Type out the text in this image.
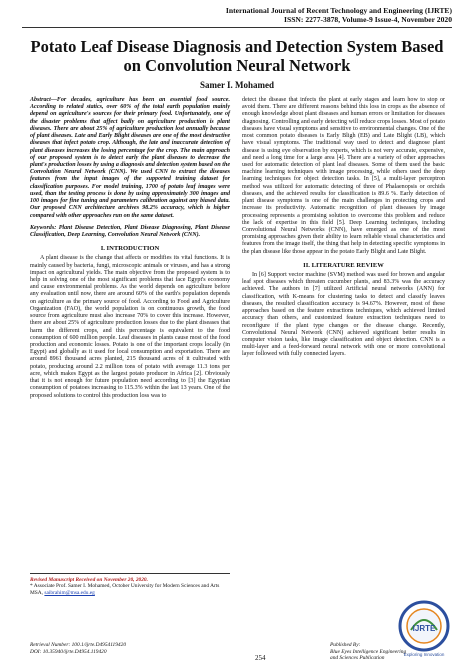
International Journal of Recent Technology and Engineering (IJRTE)
ISSN: 2277-3878, Volume-9 Issue-4, November 2020
Potato Leaf Disease Diagnosis and Detection System Based on Convolution Neural Network
Samer I. Mohamed
Abstract—For decades, agriculture has been an essential food source. According to related statics, over 60% of the total earth population mainly depend on agriculture's sources for their primary food. Unfortunately, one of the disaster problems that affect badly on agriculture production is plant diseases. There are about 25% of agriculture production lost annually because of plant diseases. Late and Early Blight diseases are one of the most destructive diseases that infect potato crop. Although, the late and inaccurate detection of plant diseases increases the losing percentage for the crop. The main approach of our proposed system is to detect early the plant diseases to decrease the plant's production losses by using a diagnosis and detection system based on the Convolution Neural Network (CNN). We used CNN to extract the diseases features from the input images of the supported training dataset for classification purposes. For model training, 1700 of potato leaf images were used, than the testing process is done by using approximately 300 images and 100 images for fine tuning and parameters calibration against any biased data. Our proposed CNN architecture archives 98.2% accuracy, which is higher compared with other approaches run on the same dataset.
Keywords: Plant Disease Detection, Plant Disease Diagnosing, Plant Disease Classification, Deep Learning, Convolution Neural Network (CNN).
I. INTRODUCTION

A plant disease is the change that affects or modifies its vital functions. It is mainly caused by bacteria, fungi, microscopic animals or viruses, and has a strong impact on agricultural yields. The main objective from the proposed system is to help in solving one of the most significant problems that face Egypt's economy and cause environmental problems. As the world depends on agriculture before any evaluation until now, there are around 60% of the earth's population depends on agriculture as the primary source of food. According to Food and Agriculture Organization (FAO), the world population is on continuous growth, the food source from agriculture must also increase 70% to cover this increase. However, there are about 25% of agriculture production losses due to the plant diseases that harm the different crops, and this percentage is equivalent to the food consumption of 600 million people. Leaf diseases in plants cause most of the food production and economic losses. Potato is one of the important crops locally (in Egypt) and globally as it used for local consumption and exportation. There are around 8961 thousand acres planted, 215 thousand acres of it cultivated with potato, producing around 2.2 million tons of potato with average 11.3 tons per acre, which makes Egypt as the largest potato producer in Africa [2]. Obviously that it is not enough for future population need according to [3] the Egyptian consumption of potatoes increasing to 115.3% within the last 13 years. One of the proposed solutions to control this production loss was to

detect the disease that infects the plant at early stages and learn how to stop or avoid them. There are different reasons behind this loss in crops as the absence of enough knowledge about plant diseases and human errors or limitation for diseases diagnosing. Controlling and early detecting will reduce crops losses. Most of potato diseases have visual symptoms and sensitive to environmental changes. One of the most common potato diseases is Early Bligh (EB) and Late Blight (LB), which have visual symptoms. The traditional way used to detect and diagnose plant disease is using eye observation by experts, which is not very accurate, expensive, and need a long time for a large area [4]. There are a variety of other approaches used for automatic detection of plant leaf diseases. Some of them used the basic machine learning techniques with image processing, while others used the deep learning techniques for object detection tasks. In [5], a multi-layer perceptron method was utilized for automatic detecting of three of Phalaenopsis or orchids diseases, and the achieved results for classification is 89.6 %. Early detection of plant disease symptoms is one of the main challenges in protecting crops and increase its productivity. Automatic recognition of plant diseases by image processing represents a promising solution to overcome this problem and reduce the lack of expertise in this field [5]. Deep Learning techniques, including Convolutional Neural Networks (CNN), have emerged as one of the most promising approaches given their ability to learn reliable visual characteristics and features from the image itself, the thing that help in detecting specific symptoms in the plan disease like those appear in the potato Early Blight and Late Blight.
II. LITERATURE REVIEW

In [6] Support vector machine (SVM) method was used for brown and angular leaf spot diseases which threaten cucumber plants, and 83.3% was the accuracy achieved. The authors in [7] utilized Artificial neural networks (ANN) for classification, with K-means for clustering tasks to detect and classify leaves diseases, the resulted classification accuracy is 94.67%. However, most of these approaches based on the feature extractions techniques, which achieved limited accuracy than others, and customized feature extraction techniques need to reconfigure if the plant type changes or the disease change. Recently, Convolutional Neural Network (CNN) achieved significant better results in computer vision tasks, like image classification and object detection. CNN is a multi-layer and a feed-forward neural network with one or more convolutional layer followed with fully connected layers.

Revised Manuscript Received on November 20, 2020.
* Associate Prof. Samer I. Mohamed, October University for Modern Sciences and Arts MSA, saibrahim@msa.edu.eg
Retrieval Number: 100.1/ijrte.D4954119420
DOI: 10.35940/ijrte.D4954.119420
254
Published By:
Blue Eyes Intelligence Engineering
and Sciences Publication
IJRTE
Exploring Innovation
